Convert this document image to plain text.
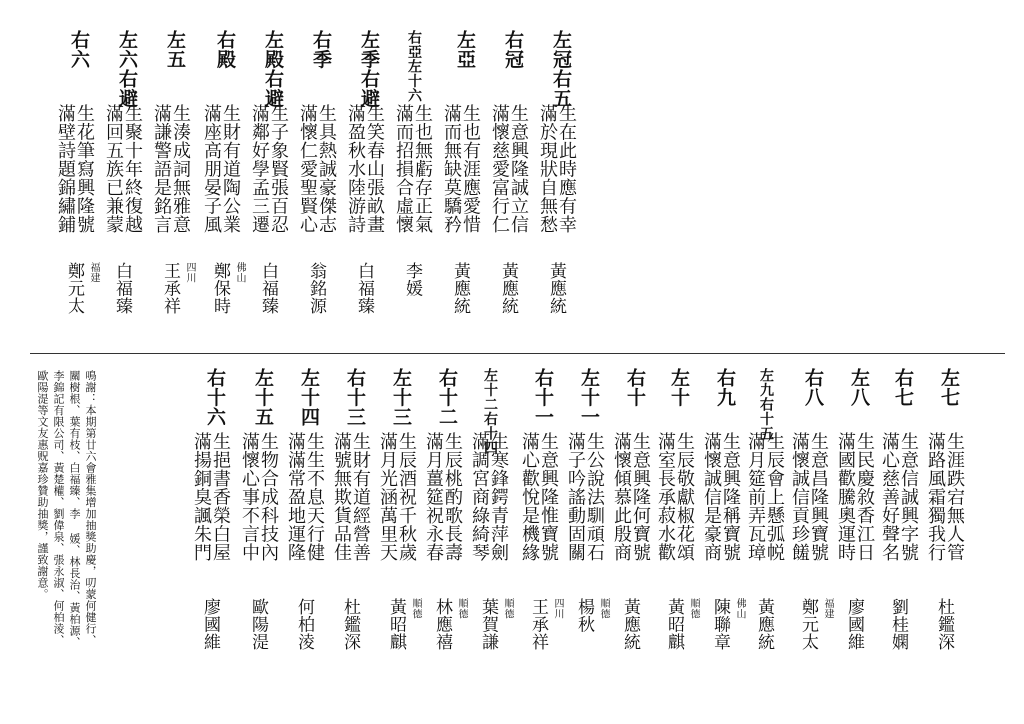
左冠右五
生在此時應有幸
滿於現狀自無愁
黃應統
右冠
生意興隆誠立信
滿懷慈愛富行仁
黃應統
左亞
生也有涯應愛惜
滿而無缺莫驕矜
黃應統
右亞左十六
生也無虧存正氣
滿而招損合虛懷
李媛
左季右避
生笑春山張畝畫
滿盈秋水陸游詩
白福臻
右季
生具熱誠豪傑志
滿懷仁愛聖賢心
翁銘源
左殿右避
生子象賢張百忍
滿鄰好學孟三遷
白福臻
右殿
生財有道陶公業
滿座高朋晏子風
鄭保時 佛山
左五
生湊成詞無雅意
滿謙警語是銘言
王承祥 四川
左六右避
生聚十年終復越
滿回五族已兼蒙
白福臻
右六
生花筆寫興隆號
滿壁詩題錦繡鋪
鄭元太 福建
左七
生涯跌宕無人管
滿路風霜獨我行
杜鑑深
右七
生意信誠興字號
滿心慈善好聲名
劉桂嫻
左八
生民慶敘香江日
滿國歡騰奧運時
廖國維
右八
生意昌隆興寶號
滿懷誠信貢珍饈
鄭元太 福建
左九右十五
生辰會上懸弧帨
滿月筵前弄瓦璋
黃應統
右九
生意興隆稱寶號
滿懷誠信是豪商
陳聯章 佛山
左十
生辰敬獻椒花頌
滿室長承菽水歡
黃昭麒 順德
右十
生意興隆何寶號
滿懷傾慕此殷商
黃應統
左十一
生公說法馴頑石
滿子吟謠動固關
楊秋 順德
右十一
生意興隆惟寶號
滿心歡悅是機緣
王承祥 四川
左十二右十四
生寒鋒鍔青萍劍
滿調宮商綠綺琴
葉賀謙 順德
右十二
生辰桃酌歌長壽
滿月薑筵祝永春
林應禧 順德
左十三
生辰酒祝千秋歲
滿月光涵萬里天
黃昭麒 順德
右十三
生財有道經營善
滿號無欺貨品佳
杜鑑深
左十四
生生不息天行健
滿滿常盈地運隆
何柏淩
左十五
生物合成科技內
滿懷心事不言中
歐陽湜
右十六
生挹書香榮白屋
滿揚銅臭諷朱門
廖國維
鳴謝：本期第廿六會雅集增加抽獎助慶，叨蒙何健行、
關樹根、葉有枝、白福臻、李 媛、林長治、黃柏源、
李錦記有限公司、黃楚權、劉偉泉、張永淑、何柏淩、
歐陽湜等文友惠贶嘉珍贊助抽獎，謹致謝意。
